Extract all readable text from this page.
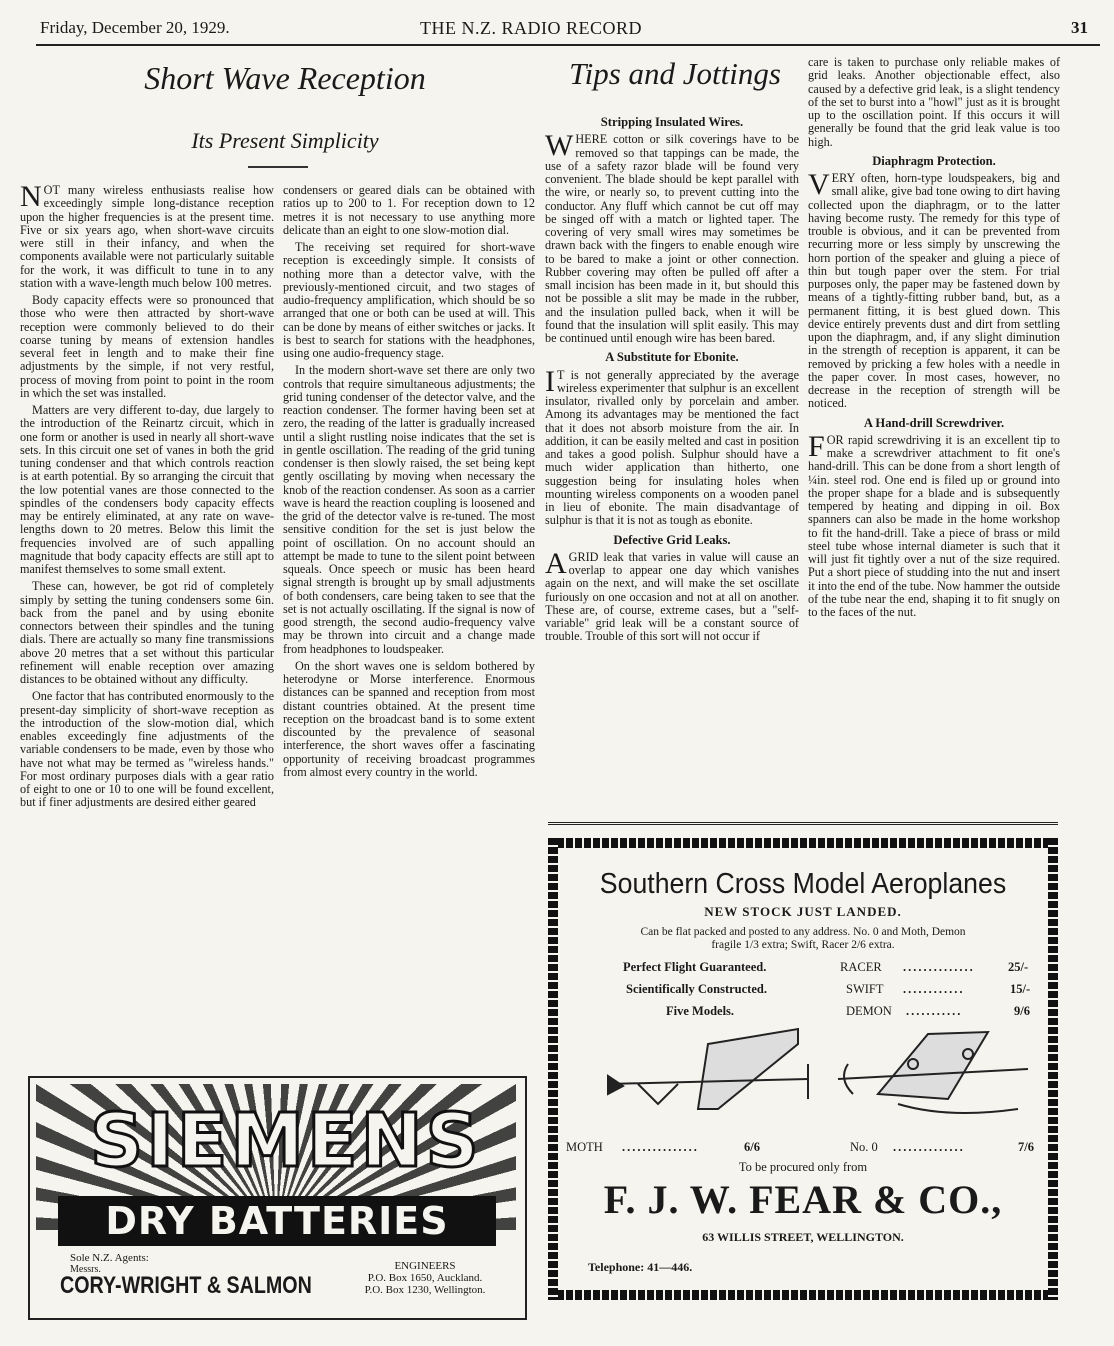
Friday, December 20, 1929.	THE N.Z. RADIO RECORD	31
Short Wave Reception
Its Present Simplicity

NOT many wireless enthusiasts realise how exceedingly simple long-distance reception upon the higher frequencies is at the present time. Five or six years ago, when short-wave circuits were still in their infancy, and when the components available were not particularly suitable for the work, it was difficult to tune in to any station with a wave-length much below 100 metres.

Body capacity effects were so pronounced that those who were then attracted by short-wave reception were commonly believed to do their coarse tuning by means of extension handles several feet in length and to make their fine adjustments by the simple, if not very restful, process of moving from point to point in the room in which the set was installed.

Matters are very different to-day, due largely to the introduction of the Reinartz circuit, which in one form or another is used in nearly all short-wave sets. In this circuit one set of vanes in both the grid tuning condenser and that which controls reaction is at earth potential. By so arranging the circuit that the low potential vanes are those connected to the spindles of the condensers body capacity effects may be entirely eliminated, at any rate on wave-lengths down to 20 metres. Below this limit the frequencies involved are of such appalling magnitude that body capacity effects are still apt to manifest themselves to some small extent.

These can, however, be got rid of completely simply by setting the tuning condensers some 6in. back from the panel and by using ebonite connectors between their spindles and the tuning dials. There are actually so many fine transmissions above 20 metres that a set without this particular refinement will enable reception over amazing distances to be obtained without any difficulty.

One factor that has contributed enormously to the present-day simplicity of short-wave reception as the introduction of the slow-motion dial, which enables exceedingly fine adjustments of the variable condensers to be made, even by those who have not what may be termed as "wireless hands." For most ordinary purposes dials with a gear ratio of eight to one or 10 to one will be found excellent, but if finer adjustments are desired either geared

condensers or geared dials can be obtained with ratios up to 200 to 1. For reception down to 12 metres it is not necessary to use anything more delicate than an eight to one slow-motion dial.

The receiving set required for short-wave reception is exceedingly simple. It consists of nothing more than a detector valve, with the previously-mentioned circuit, and two stages of audio-frequency amplification, which should be so arranged that one or both can be used at will. This can be done by means of either switches or jacks. It is best to search for stations with the headphones, using one audio-frequency stage.

In the modern short-wave set there are only two controls that require simultaneous adjustments; the grid tuning condenser of the detector valve, and the reaction condenser. The former having been set at zero, the reading of the latter is gradually increased until a slight rustling noise indicates that the set is in gentle oscillation. The reading of the grid tuning condenser is then slowly raised, the set being kept gently oscillating by moving when necessary the knob of the reaction condenser. As soon as a carrier wave is heard the reaction coupling is loosened and the grid of the detector valve is re-tuned. The most sensitive condition for the set is just below the point of oscillation. On no account should an attempt be made to tune to the silent point between squeals. Once speech or music has been heard signal strength is brought up by small adjustments of both condensers, care being taken to see that the set is not actually oscillating. If the signal is now of good strength, the second audio-frequency valve may be thrown into circuit and a change made from headphones to loudspeaker.

On the short waves one is seldom bothered by heterodyne or Morse interference. Enormous distances can be spanned and reception from most distant countries obtained. At the present time reception on the broadcast band is to some extent discounted by the prevalence of seasonal interference, the short waves offer a fascinating opportunity of receiving broadcast programmes from almost every country in the world.

Tips and Jottings
Stripping Insulated Wires.

WHERE cotton or silk coverings have to be removed so that tappings can be made, the use of a safety razor blade will be found very convenient. The blade should be kept parallel with the wire, or nearly so, to prevent cutting into the conductor. Any fluff which cannot be cut off may be singed off with a match or lighted taper. The covering of very small wires may sometimes be drawn back with the fingers to enable enough wire to be bared to make a joint or other connection. Rubber covering may often be pulled off after a small incision has been made in it, but should this not be possible a slit may be made in the rubber, and the insulation pulled back, when it will be found that the insulation will split easily. This may be continued until enough wire has been bared.

A Substitute for Ebonite.

I T is not generally appreciated by the average wireless experimenter that sulphur is an excellent insulator, rivalled only by porcelain and amber. Among its advantages may be mentioned the fact that it does not absorb moisture from the air. In addition, it can be easily melted and cast in position and takes a good polish. Sulphur should have a much wider application than hitherto, one suggestion being for insulating holes when mounting wireless components on a wooden panel in lieu of ebonite. The main disadvantage of sulphur is that it is not as tough as ebonite.

Defective Grid Leaks.

A GRID leak that varies in value will cause an overlap to appear one day which vanishes again on the next, and will make the set oscillate furiously on one occasion and not at all on another. These are, of course, extreme cases, but a "self-variable" grid leak will be a constant source of trouble. Trouble of this sort will not occur if

care is taken to purchase only reliable makes of grid leaks. Another objectionable effect, also caused by a defective grid leak, is a slight tendency of the set to burst into a "howl" just as it is brought up to the oscillation point. If this occurs it will generally be found that the grid leak value is too high.

Diaphragm Protection.

VERY often, horn-type loudspeakers, big and small alike, give bad tone owing to dirt having collected upon the diaphragm, or to the latter having become rusty. The remedy for this type of trouble is obvious, and it can be prevented from recurring more or less simply by unscrewing the horn portion of the speaker and gluing a piece of thin but tough paper over the stem. For trial purposes only, the paper may be fastened down by means of a tightly-fitting rubber band, but, as a permanent fitting, it is best glued down. This device entirely prevents dust and dirt from settling upon the diaphragm, and, if any slight diminution in the strength of reception is apparent, it can be removed by pricking a few holes with a needle in the paper cover. In most cases, however, no decrease in the reception of strength will be noticed.

A Hand-drill Screwdriver.

FOR rapid screwdriving it is an excellent tip to make a screwdriver attachment to fit one's hand-drill. This can be done from a short length of ¼in. steel rod. One end is filed up or ground into the proper shape for a blade and is subsequently tempered by heating and dipping in oil. Box spanners can also be made in the home workshop to fit the hand-drill. Take a piece of brass or mild steel tube whose internal diameter is such that it will just fit tightly over a nut of the size required. Put a short piece of studding into the nut and insert it into the end of the tube. Now hammer the outside of the tube near the end, shaping it to fit snugly on to the faces of the nut.

SIEMENS
DRY BATTERIES
Sole N.Z. Agents:
Messrs.
CORY-WRIGHT & SALMON
ENGINEERS
P.O. Box 1650, Auckland.
P.O. Box 1230, Wellington.
Southern Cross Model Aeroplanes
NEW STOCK JUST LANDED.
Can be flat packed and posted to any address. No. 0 and Moth, Demon
fragile 1/3 extra; Swift, Racer 2/6 extra.
Perfect Flight Guaranteed.
Scientifically Constructed.
Five Models.
RACER ..............	25/-
SWIFT ............	15/-
DEMON ...........	9/6
MOTH ...............	6/6	No. 0 ..............	7/6
To be procured only from
F. J. W. FEAR & CO.,
63 WILLIS STREET, WELLINGTON.
Telephone: 41—446.
